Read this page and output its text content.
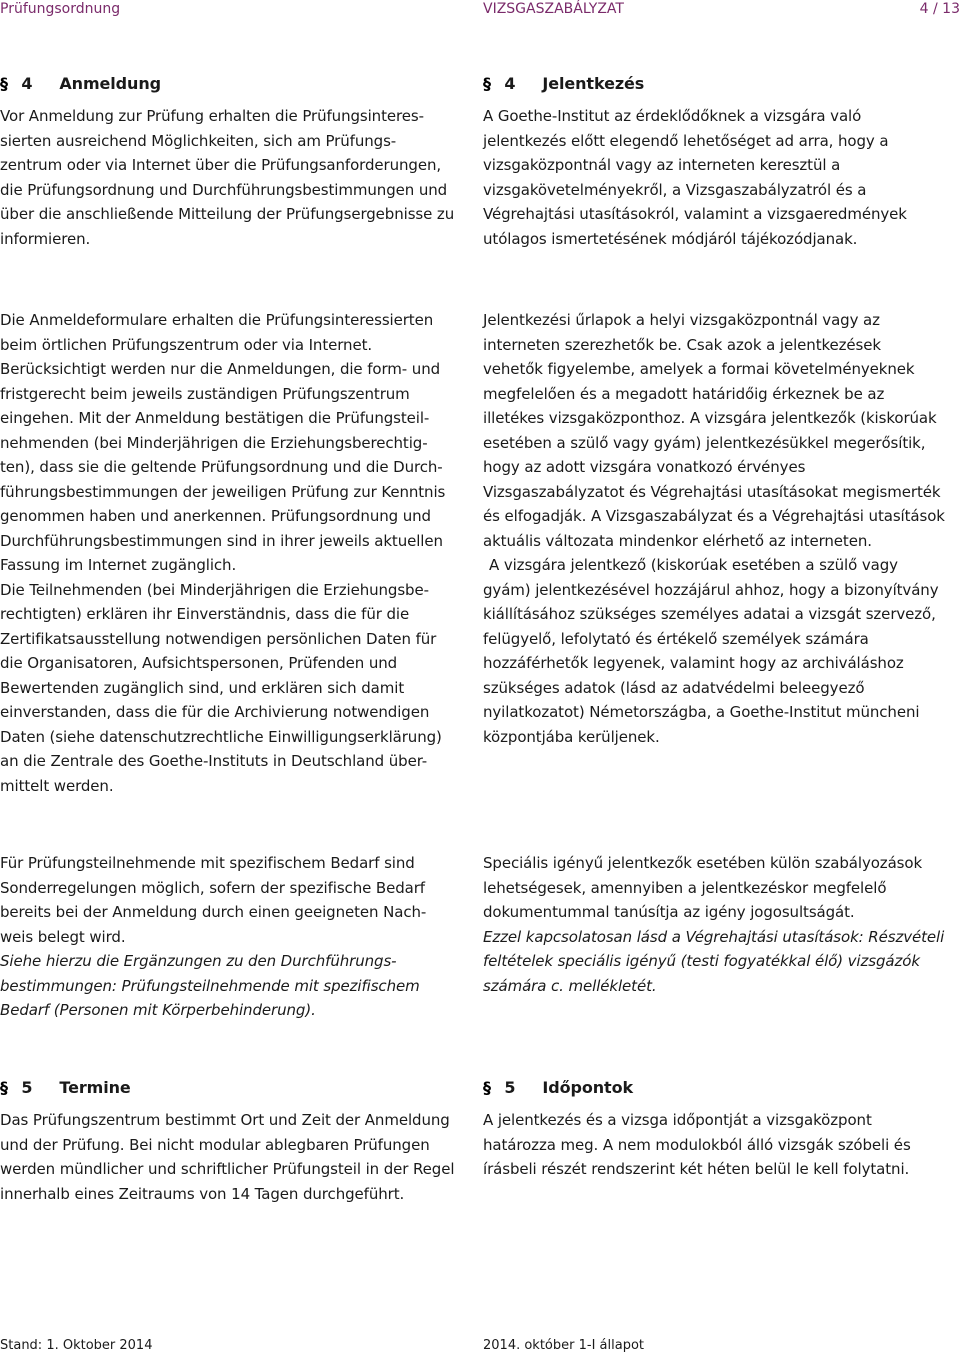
Prüfungsordnung	VIZSGASZABÁLYZAT	4 / 13
§ 4 Anmeldung

Vor Anmeldung zur Prüfung erhalten die Prüfungsinteres-sierten ausreichend Möglichkeiten, sich am Prüfungs-zentrum oder via Internet über die Prüfungsanforderungen, die Prüfungsordnung und Durchführungsbestimmungen und über die anschließende Mitteilung der Prüfungsergebnisse zu informieren.

§ 4 Jelentkezés

A Goethe-Institut az érdeklődőknek a vizsgára való jelentkezés előtt elegendő lehetőséget ad arra, hogy a vizsgaközpontnál vagy az interneten keresztül a vizsgakövetelményekről, a Vizsgaszabályzatról és a Végrehajtási utasításokról, valamint a vizsgaeredmények utólagos ismertetésének módjáról tájékozódjanak.

Die Anmeldeformulare erhalten die Prüfungsinteressierten beim örtlichen Prüfungszentrum oder via Internet. Berücksichtigt werden nur die Anmeldungen, die form- und fristgerecht beim jeweils zuständigen Prüfungszentrum eingehen. Mit der Anmeldung bestätigen die Prüfungsteil-nehmenden (bei Minderjährigen die Erziehungsberechtig-ten), dass sie die geltende Prüfungsordnung und die Durch-führungsbestimmungen der jeweiligen Prüfung zur Kenntnis genommen haben und anerkennen. Prüfungsordnung und Durchführungsbestimmungen sind in ihrer jeweils aktuellen Fassung im Internet zugänglich.

Die Teilnehmenden (bei Minderjährigen die Erziehungsbe-rechtigten) erklären ihr Einverständnis, dass die für die Zertifikatsausstellung notwendigen persönlichen Daten für die Organisatoren, Aufsichtspersonen, Prüfenden und Bewertenden zugänglich sind, und erklären sich damit einverstanden, dass die für die Archivierung notwendigen Daten (siehe datenschutzrechtliche Einwilligungserklärung) an die Zentrale des Goethe-Instituts in Deutschland über-mittelt werden.

Jelentkezési űrlapok a helyi vizsgaközpontnál vagy az interneten szerezhetők be. Csak azok a jelentkezések vehetők figyelembe, amelyek a formai követelményeknek megfelelően és a megadott határidőig érkeznek be az illetékes vizsgaközponthoz. A vizsgára jelentkezők (kiskorúak esetében a szülő vagy gyám) jelentkezésükkel megerősítik, hogy az adott vizsgára vonatkozó érvényes Vizsgaszabályzatot és Végrehajtási utasításokat megismerték és elfogadják. A Vizsgaszabályzat és a Végrehajtási utasítások aktuális változata mindenkor elérhető az interneten.

A vizsgára jelentkező (kiskorúak esetében a szülő vagy gyám) jelentkezésével hozzájárul ahhoz, hogy a bizonyítvány kiállításához szükséges személyes adatai a vizsgát szervező, felügyelő, lefolytató és értékelő személyek számára hozzáférhetők legyenek, valamint hogy az archiváláshoz szükséges adatok (lásd az adatvédelmi beleegyező nyilatkozatot) Németországba, a Goethe-Institut müncheni központjába kerüljenek.

Für Prüfungsteilnehmende mit spezifischem Bedarf sind Sonderregelungen möglich, sofern der spezifische Bedarf bereits bei der Anmeldung durch einen geeigneten Nach-weis belegt wird.

Siehe hierzu die Ergänzungen zu den Durchführungs-bestimmungen: Prüfungsteilnehmende mit spezifischem Bedarf (Personen mit Körperbehinderung).

Speciális igényű jelentkezők esetében külön szabályozások lehetségesek, amennyiben a jelentkezéskor megfelelő dokumentummal tanúsítja az igény jogosultságát.

Ezzel kapcsolatosan lásd a Végrehajtási utasítások: Részvételi feltételek speciális igényű (testi fogyatékkal élő) vizsgázók számára c. mellékletét.

§ 5 Termine

Das Prüfungszentrum bestimmt Ort und Zeit der Anmeldung und der Prüfung. Bei nicht modular ablegbaren Prüfungen werden mündlicher und schriftlicher Prüfungsteil in der Regel innerhalb eines Zeitraums von 14 Tagen durchgeführt.

§ 5 Időpontok

A jelentkezés és a vizsga időpontját a vizsgaközpont határozza meg. A nem modulokból álló vizsgák szóbeli és írásbeli részét rendszerint két héten belül le kell folytatni.

Stand: 1. Oktober 2014	2014. október 1-I állapot
